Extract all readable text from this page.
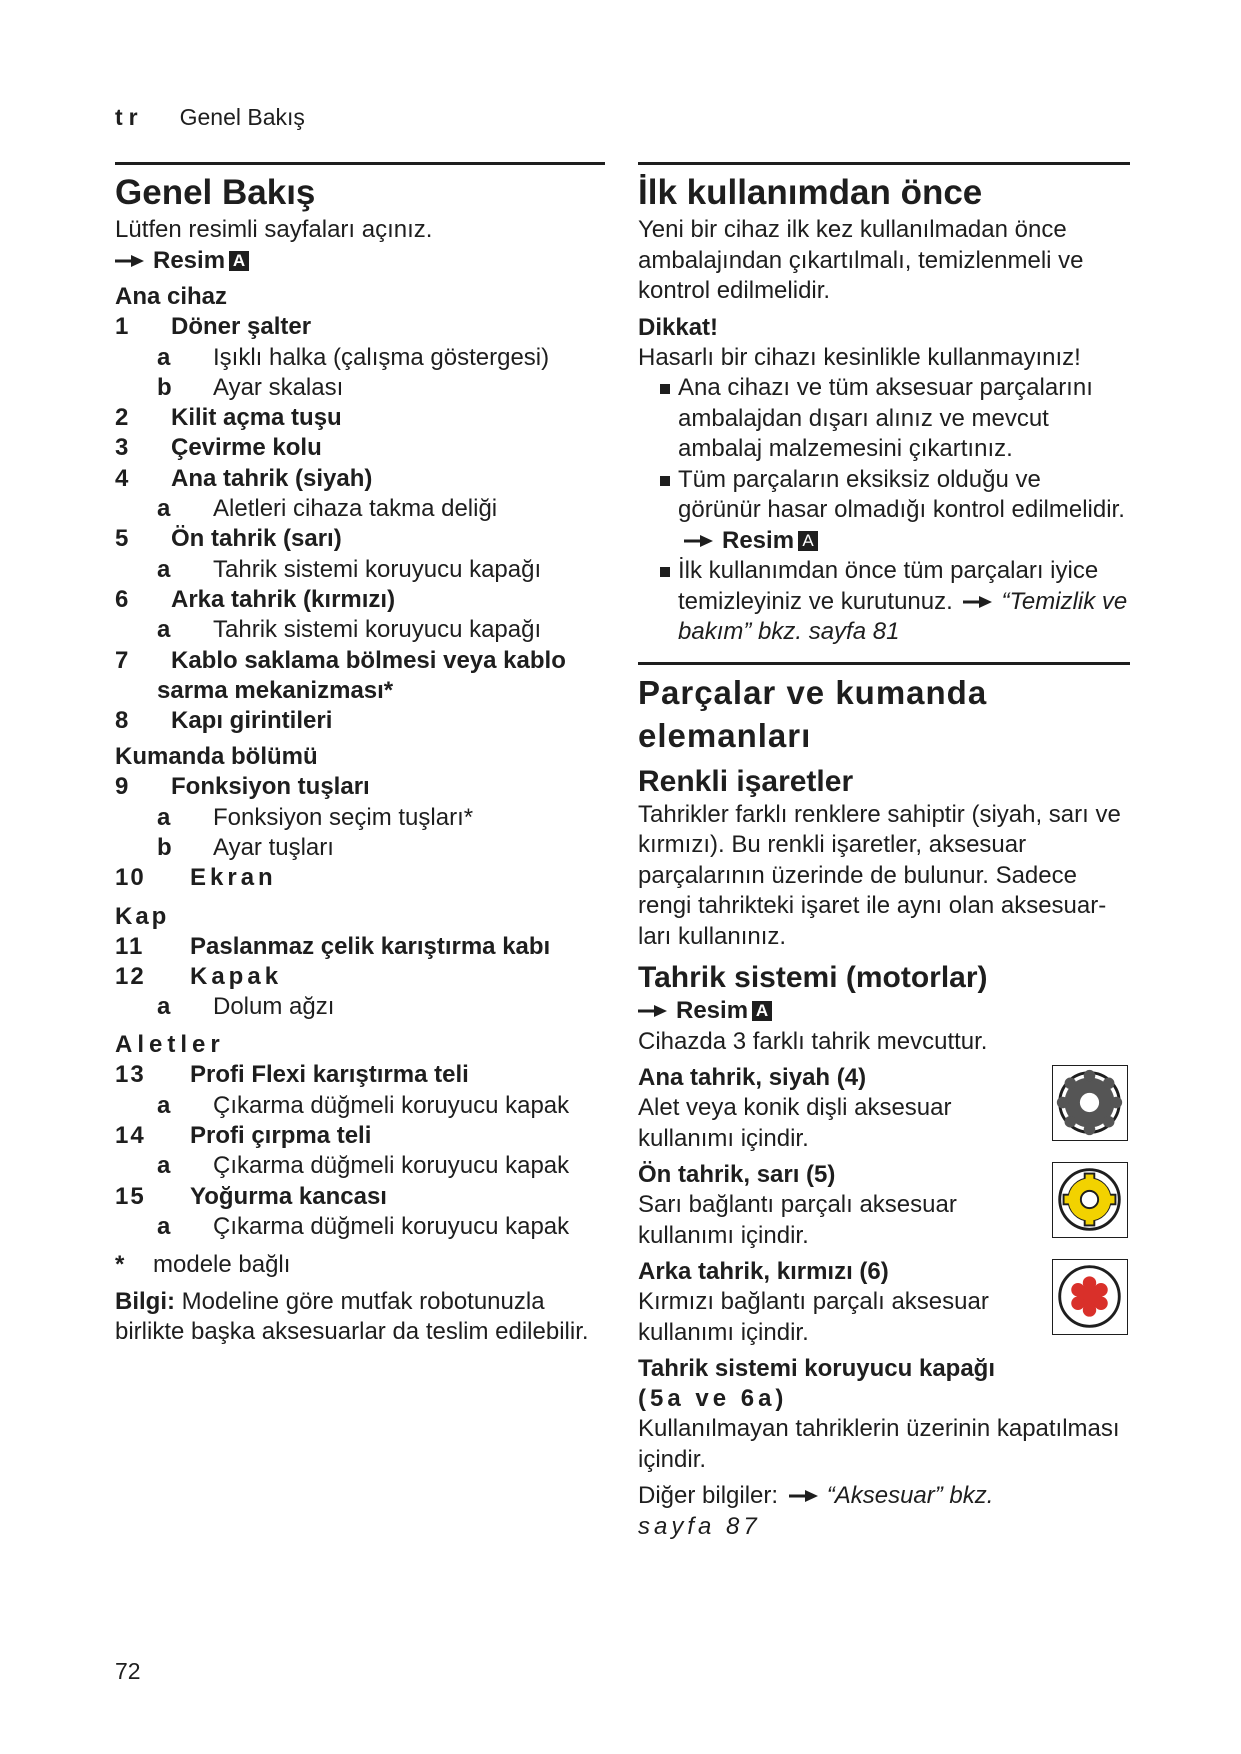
tr Genel Bakış
Genel Bakış

Lütfen resimli sayfaları açınız.

Resim A
Ana cihaz
1	Döner şalter
a	Işıklı halka (çalışma göstergesi)
b	Ayar skalası
2	Kilit açma tuşu
3	Çevirme kolu
4	Ana tahrik (siyah)
a	Aletleri cihaza takma deliği
5	Ön tahrik (sarı)
a	Tahrik sistemi koruyucu kapağı
6	Arka tahrik (kırmızı)
a	Tahrik sistemi koruyucu kapağı
7	Kablo saklama bölmesi veya kablo
sarma mekanizması*
8	Kapı girintileri
Kumanda bölümü
9	Fonksiyon tuşları
a	Fonksiyon seçim tuşları*
b	Ayar tuşları
10	Ekran
Kap
11	Paslanmaz çelik karıştırma kabı
12	Kapak
a	Dolum ağzı
Aletler
13	Profi Flexi karıştırma teli
a	Çıkarma düğmeli koruyucu kapak
14	Profi çırpma teli
a	Çıkarma düğmeli koruyucu kapak
15	Yoğurma kancası
a	Çıkarma düğmeli koruyucu kapak
*	modele bağlı

Bilgi: Modeline göre mutfak robotunuzla birlikte başka aksesuarlar da teslim edilebilir.

İlk kullanımdan önce

Yeni bir cihaz ilk kez kullanılmadan önce ambalajından çıkartılmalı, temizlenmeli ve kontrol edilmelidir.

Dikkat!

Hasarlı bir cihazı kesinlikle kullanmayınız!

Ana cihazı ve tüm aksesuar parçalarını ambalajdan dışarı alınız ve mevcut ambalaj malzemesini çıkartınız.
Tüm parçaların eksiksiz olduğu ve görünür hasar olmadığı kontrol edilmelidir. Resim A
İlk kullanımdan önce tüm parçaları iyice temizleyiniz ve kurutunuz. “Temizlik ve bakım” bkz. sayfa 81
Parçalar ve kumanda elemanları
Renkli işaretler

Tahrikler farklı renklere sahiptir (siyah, sarı ve kırmızı). Bu renkli işaretler, aksesuar parçalarının üzerinde de bulunur. Sadece rengi tahrikteki işaret ile aynı olan aksesuar-ları kullanınız.

Tahrik sistemi (motorlar)
Resim A

Cihazda 3 farklı tahrik mevcuttur.

Ana tahrik, siyah (4)

Alet veya konik dişli aksesuar kullanımı içindir.

Ön tahrik, sarı (5)

Sarı bağlantı parçalı aksesuar kullanımı içindir.

Arka tahrik, kırmızı (6)

Kırmızı bağlantı parçalı aksesuar kullanımı içindir.

Tahrik sistemi koruyucu kapağı
(5a ve 6a)

Kullanılmayan tahriklerin üzerinin kapatılması içindir.

Diğer bilgiler: “Aksesuar” bkz.

sayfa 87

72
